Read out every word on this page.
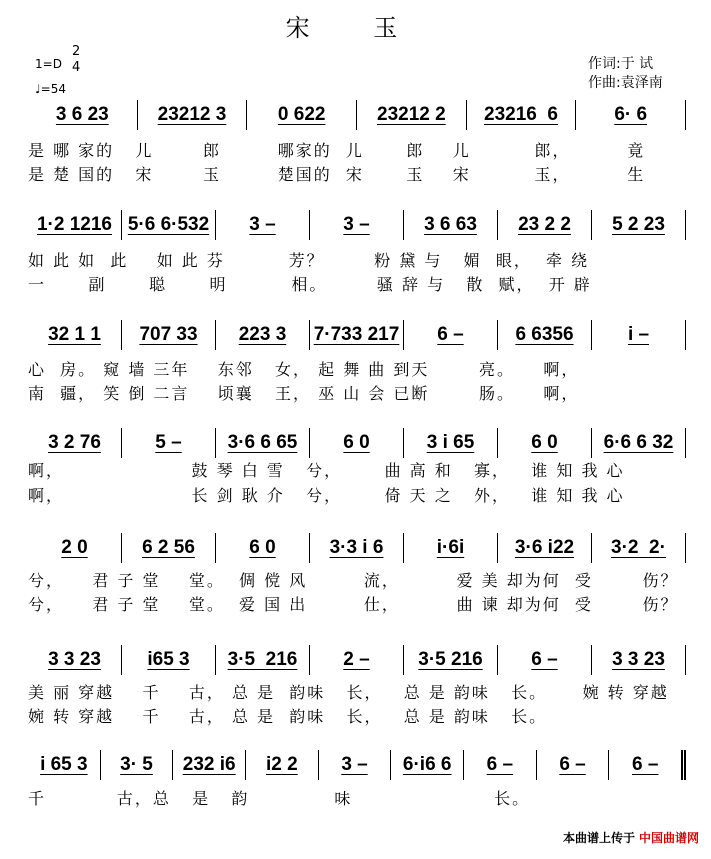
宋 玉
1=D
2
4
♩=54
作词:于 试
作曲:袁泽南
3 6 23	23212 3	0 622	23212 2	23216  6	6· 6
是 哪 家的   儿       郎        哪家的  儿      郎    儿         郎，        竟
是 楚 国的   宋       玉        楚国的  宋      玉    宋         玉，        生
1·2 1216 5·6 6·532	3 –	3 –	3 6 63	23 2 2	5 2 23
如 此 如  此    如 此 芬         芳？       粉 黛 与   媚  眼，  牵 绕
一      副      聪      明         相。       骚 辞 与   散  赋，  开 辟
32 1 1	707 33	223 3	7·733 217	6 –	6 6356	i –
心  房。 窥 墙 三年    东邻   女， 起 舞 曲 到天       亮。    啊，
南  疆， 笑 倒 二言    顷襄   王， 巫 山 会 已断       肠。    啊，
3 2 76	5 –	3·6 6 65	6 0	3 i 65	6 0	6·6 6 32
啊，                  鼓 琴 白 雪   兮，      曲 高 和   寡，   谁 知 我 心
啊，                  长 剑 耿 介   兮，      倚 天 之   外，   谁 知 我 心
2 0	6 2 56	6 0	3·3 i 6	i·6i	3·6 i22	3·2  2·
兮，    君 子 堂    堂。  倜 傥 风        流，        爱 美 却为何  受       伤？
兮，    君 子 堂    堂。  爱 国 出        仕，        曲 谏 却为何  受       伤？
3 3 23	i65 3	3·5  216	2 –	3·5 216	6 –	3 3 23
美 丽 穿越    千    古， 总 是  韵味   长，   总 是 韵味   长。     婉 转 穿越
婉 转 穿越    千    古， 总 是  韵味   长，   总 是 韵味   长。
i 65 3	3· 5	232 i6	i2 2	3 –	6·i6 6	6 –	6 –	6 –
千          古，总   是   韵            味                    长。
本曲谱上传于 中国曲谱网
